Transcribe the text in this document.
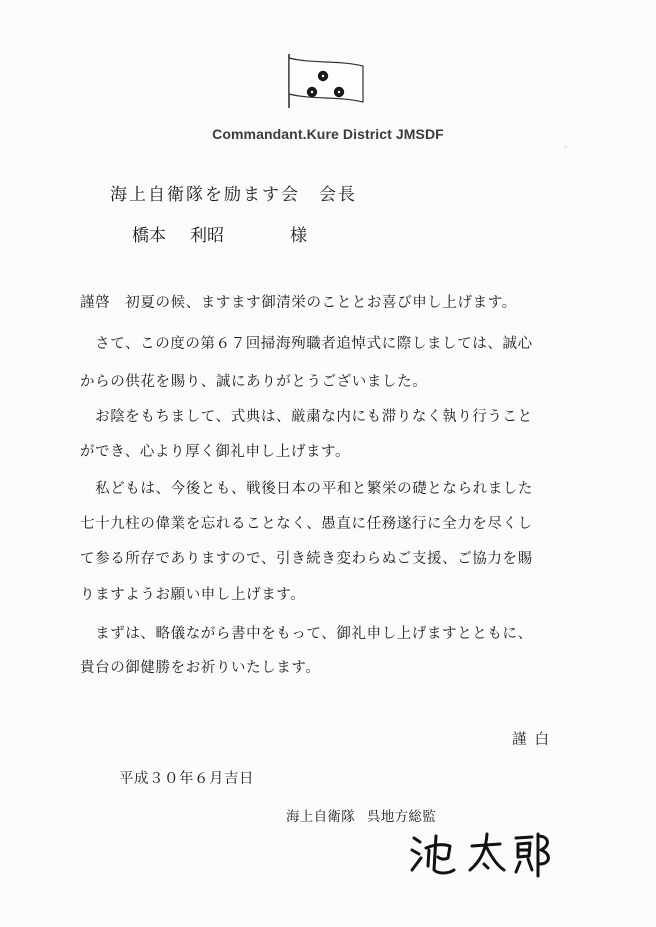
Commandant.Kure District JMSDF
海上自衛隊を励ます会　会長
橋本 利昭	様
謹啓　初夏の候、ますます御清栄のこととお喜び申し上げます。
　さて、この度の第６７回掃海殉職者追悼式に際しましては、誠心
からの供花を賜り、誠にありがとうございました。
　お陰をもちまして、式典は、厳粛な内にも滞りなく執り行うこと
ができ、心より厚く御礼申し上げます。
　私どもは、今後とも、戦後日本の平和と繁栄の礎となられました
七十九柱の偉業を忘れることなく、愚直に任務遂行に全力を尽くし
て参る所存でありますので、引き続き変わらぬご支援、ご協力を賜
りますようお願い申し上げます。
　まずは、略儀ながら書中をもって、御礼申し上げますとともに、
貴台の御健勝をお祈りいたします。
謹白
平成３０年６月吉日
海上自衛隊 呉地方総監
◦
